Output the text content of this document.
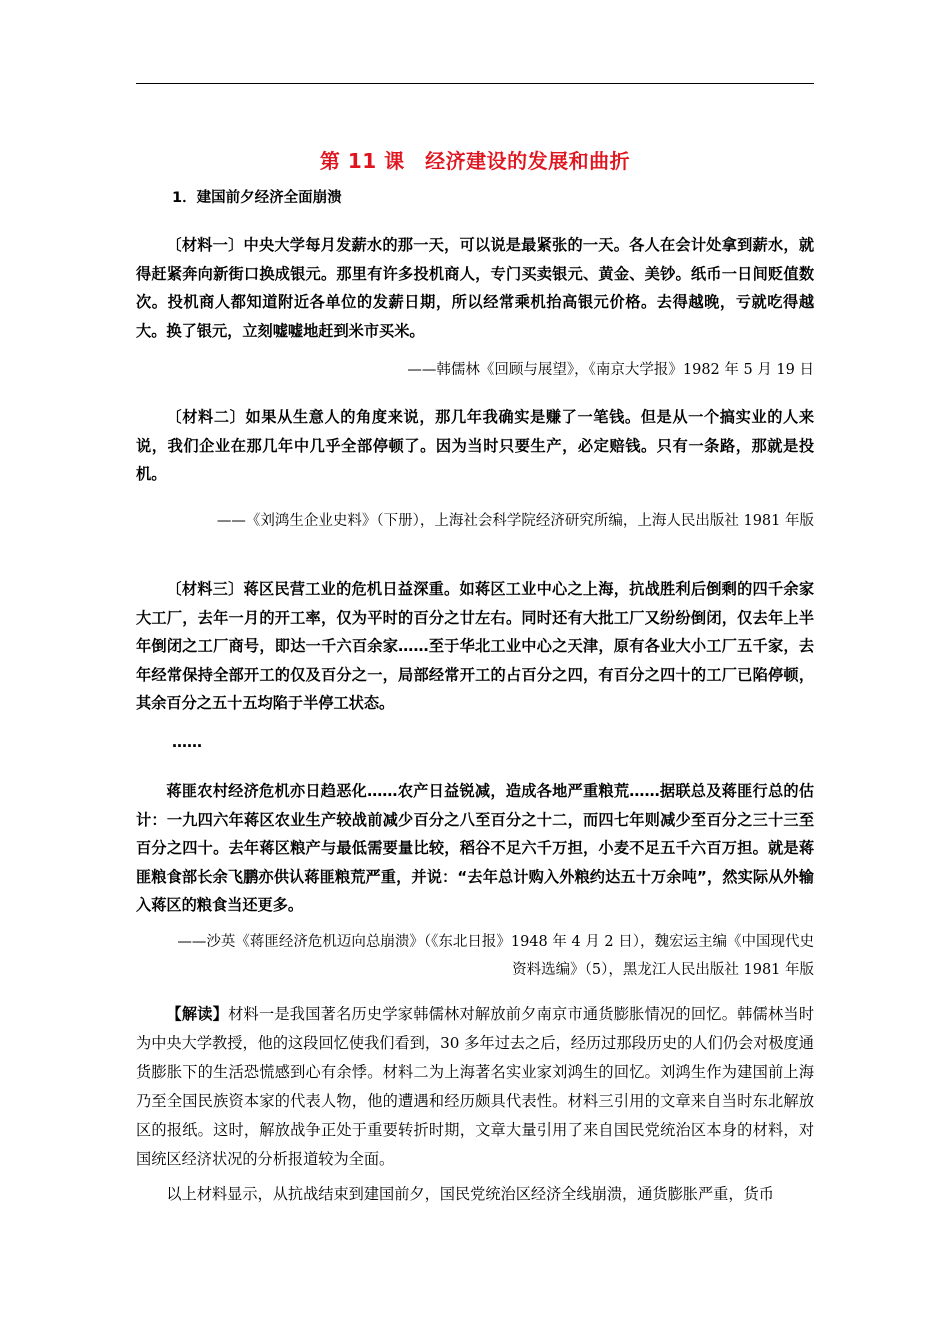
第 11 课　经济建设的发展和曲折
1．建国前夕经济全面崩溃

〔材料一〕中央大学每月发薪水的那一天，可以说是最紧张的一天。各人在会计处拿到薪水，就得赶紧奔向新街口换成银元。那里有许多投机商人，专门买卖银元、黄金、美钞。纸币一日间贬值数次。投机商人都知道附近各单位的发薪日期，所以经常乘机抬高银元价格。去得越晚，亏就吃得越大。换了银元，立刻嘘嘘地赶到米市买米。

——韩儒林《回顾与展望》，《南京大学报》1982 年 5 月 19 日

〔材料二〕如果从生意人的角度来说，那几年我确实是赚了一笔钱。但是从一个搞实业的人来说，我们企业在那几年中几乎全部停顿了。因为当时只要生产，必定赔钱。只有一条路，那就是投机。

——《刘鸿生企业史料》（下册），上海社会科学院经济研究所编，上海人民出版社 1981 年版

〔材料三〕蒋区民营工业的危机日益深重。如蒋区工业中心之上海，抗战胜利后倒剩的四千余家大工厂，去年一月的开工率，仅为平时的百分之廿左右。同时还有大批工厂又纷纷倒闭，仅去年上半年倒闭之工厂商号，即达一千六百余家……至于华北工业中心之天津，原有各业大小工厂五千家，去年经常保持全部开工的仅及百分之一，局部经常开工的占百分之四，有百分之四十的工厂已陷停顿，其余百分之五十五均陷于半停工状态。

……

蒋匪农村经济危机亦日趋恶化……农产日益锐减，造成各地严重粮荒……据联总及蒋匪行总的估计：一九四六年蒋区农业生产较战前减少百分之八至百分之十二，而四七年则减少至百分之三十三至百分之四十。去年蒋区粮产与最低需要量比较，稻谷不足六千万担，小麦不足五千六百万担。就是蒋匪粮食部长余飞鹏亦供认蒋匪粮荒严重，并说：“去年总计购入外粮约达五十万余吨”，然实际从外输入蒋区的粮食当还更多。

——沙英《蒋匪经济危机迈向总崩溃》（《东北日报》1948 年 4 月 2 日），魏宏运主编《中国现代史资料选编》（5），黑龙江人民出版社 1981 年版

【解读】材料一是我国著名历史学家韩儒林对解放前夕南京市通货膨胀情况的回忆。韩儒林当时为中央大学教授，他的这段回忆使我们看到，30 多年过去之后，经历过那段历史的人们仍会对极度通货膨胀下的生活恐慌感到心有余悸。材料二为上海著名实业家刘鸿生的回忆。刘鸿生作为建国前上海乃至全国民族资本家的代表人物，他的遭遇和经历颇具代表性。材料三引用的文章来自当时东北解放区的报纸。这时，解放战争正处于重要转折时期，文章大量引用了来自国民党统治区本身的材料，对国统区经济状况的分析报道较为全面。

以上材料显示，从抗战结束到建国前夕，国民党统治区经济全线崩溃，通货膨胀严重，货币
